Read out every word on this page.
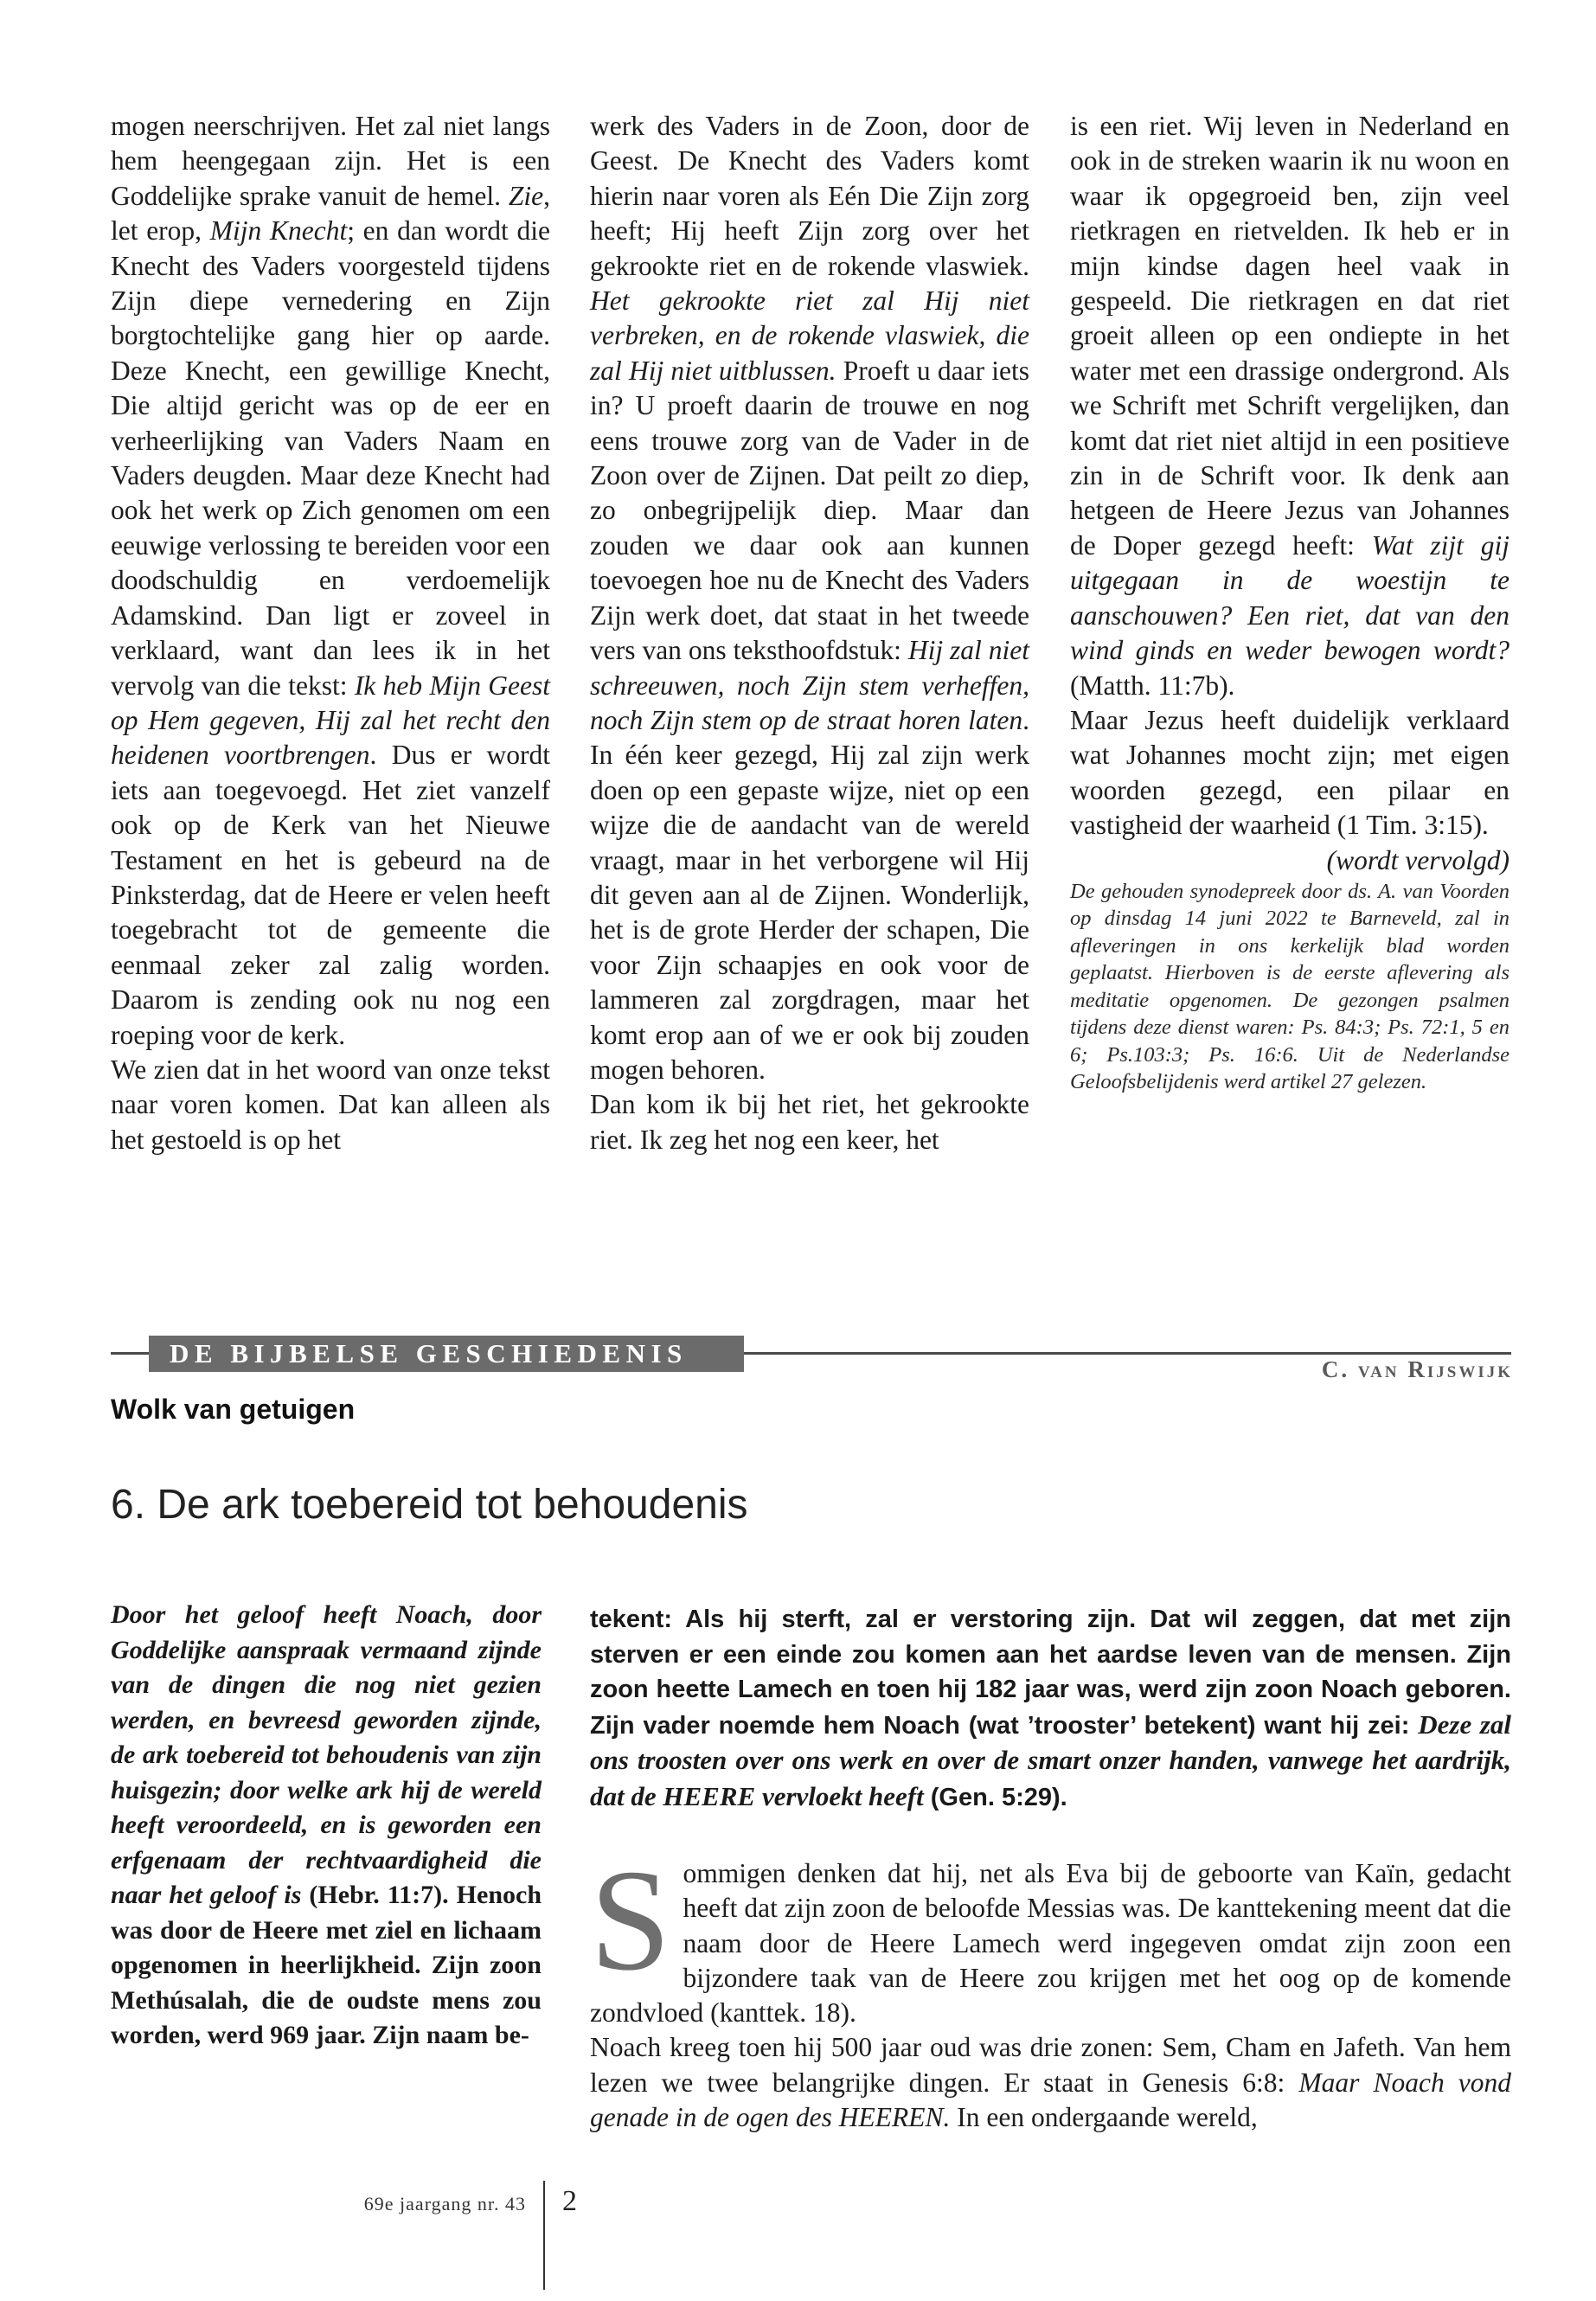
mogen neerschrijven. Het zal niet langs hem heengegaan zijn. Het is een Goddelijke sprake vanuit de hemel. Zie, let erop, Mijn Knecht; en dan wordt die Knecht des Vaders voorgesteld tijdens Zijn diepe vernedering en Zijn borgtochtelijke gang hier op aarde. Deze Knecht, een gewillige Knecht, Die altijd gericht was op de eer en verheerlijking van Vaders Naam en Vaders deugden. Maar deze Knecht had ook het werk op Zich genomen om een eeuwige verlossing te bereiden voor een doodschuldig en verdoemelijk Adamskind. Dan ligt er zoveel in verklaard, want dan lees ik in het vervolg van die tekst: Ik heb Mijn Geest op Hem gegeven, Hij zal het recht den heidenen voortbrengen. Dus er wordt iets aan toegevoegd. Het ziet vanzelf ook op de Kerk van het Nieuwe Testament en het is gebeurd na de Pinksterdag, dat de Heere er velen heeft toegebracht tot de gemeente die eenmaal zeker zal zalig worden. Daarom is zending ook nu nog een roeping voor de kerk.

We zien dat in het woord van onze tekst naar voren komen. Dat kan alleen als het gestoeld is op het

werk des Vaders in de Zoon, door de Geest. De Knecht des Vaders komt hierin naar voren als Eén Die Zijn zorg heeft; Hij heeft Zijn zorg over het gekrookte riet en de rokende vlaswiek. Het gekrookte riet zal Hij niet verbreken, en de rokende vlaswiek, die zal Hij niet uitblussen. Proeft u daar iets in? U proeft daarin de trouwe en nog eens trouwe zorg van de Vader in de Zoon over de Zijnen. Dat peilt zo diep, zo onbegrijpelijk diep. Maar dan zouden we daar ook aan kunnen toevoegen hoe nu de Knecht des Vaders Zijn werk doet, dat staat in het tweede vers van ons teksthoofdstuk: Hij zal niet schreeuwen, noch Zijn stem verheffen, noch Zijn stem op de straat horen laten. In één keer gezegd, Hij zal zijn werk doen op een gepaste wijze, niet op een wijze die de aandacht van de wereld vraagt, maar in het verborgene wil Hij dit geven aan al de Zijnen. Wonderlijk, het is de grote Herder der schapen, Die voor Zijn schaapjes en ook voor de lammeren zal zorgdragen, maar het komt erop aan of we er ook bij zouden mogen behoren.

Dan kom ik bij het riet, het gekrookte riet. Ik zeg het nog een keer, het

is een riet. Wij leven in Nederland en ook in de streken waarin ik nu woon en waar ik opgegroeid ben, zijn veel rietkragen en rietvelden. Ik heb er in mijn kindse dagen heel vaak in gespeeld. Die rietkragen en dat riet groeit alleen op een ondiepte in het water met een drassige ondergrond. Als we Schrift met Schrift vergelijken, dan komt dat riet niet altijd in een positieve zin in de Schrift voor. Ik denk aan hetgeen de Heere Jezus van Johannes de Doper gezegd heeft: Wat zijt gij uitgegaan in de woestijn te aanschouwen? Een riet, dat van den wind ginds en weder bewogen wordt? (Matth. 11:7b).

Maar Jezus heeft duidelijk verklaard wat Johannes mocht zijn; met eigen woorden gezegd, een pilaar en vastigheid der waarheid (1 Tim. 3:15).

(wordt vervolgd)

De gehouden synodepreek door ds. A. van Voorden op dinsdag 14 juni 2022 te Barneveld, zal in afleveringen in ons kerkelijk blad worden geplaatst. Hierboven is de eerste aflevering als meditatie opgenomen. De gezongen psalmen tijdens deze dienst waren: Ps. 84:3; Ps. 72:1, 5 en 6; Ps.103:3; Ps. 16:6. Uit de Nederlandse Geloofsbelijdenis werd artikel 27 gelezen.

DE BIJBELSE GESCHIEDENIS
C. van Rijswijk
Wolk van getuigen
6. De ark toebereid tot behoudenis
Door het geloof heeft Noach, door Goddelijke aanspraak vermaand zijnde van de dingen die nog niet gezien werden, en bevreesd geworden zijnde, de ark toebereid tot behoudenis van zijn huisgezin; door welke ark hij de wereld heeft veroordeeld, en is geworden een erfgenaam der rechtvaardigheid die naar het geloof is (Hebr. 11:7). Henoch was door de Heere met ziel en lichaam opgenomen in heerlijkheid. Zijn zoon Methúsalah, die de oudste mens zou worden, werd 969 jaar. Zijn naam be-
tekent: Als hij sterft, zal er verstoring zijn. Dat wil zeggen, dat met zijn sterven er een einde zou komen aan het aardse leven van de mensen. Zijn zoon heette Lamech en toen hij 182 jaar was, werd zijn zoon Noach geboren. Zijn vader noemde hem Noach (wat ’trooster’ betekent) want hij zei: Deze zal ons troosten over ons werk en over de smart onzer handen, vanwege het aardrijk, dat de HEERE vervloekt heeft (Gen. 5:29).

Sommigen denken dat hij, net als Eva bij de geboorte van Kaïn, gedacht heeft dat zijn zoon de beloofde Messias was. De kanttekening meent dat die naam door de Heere Lamech werd ingegeven omdat zijn zoon een bijzondere taak van de Heere zou krijgen met het oog op de komende zondvloed (kanttek. 18).

Noach kreeg toen hij 500 jaar oud was drie zonen: Sem, Cham en Jafeth. Van hem lezen we twee belangrijke dingen. Er staat in Genesis 6:8: Maar Noach vond genade in de ogen des HEEREN. In een ondergaande wereld,

69e jaargang nr. 43 2
